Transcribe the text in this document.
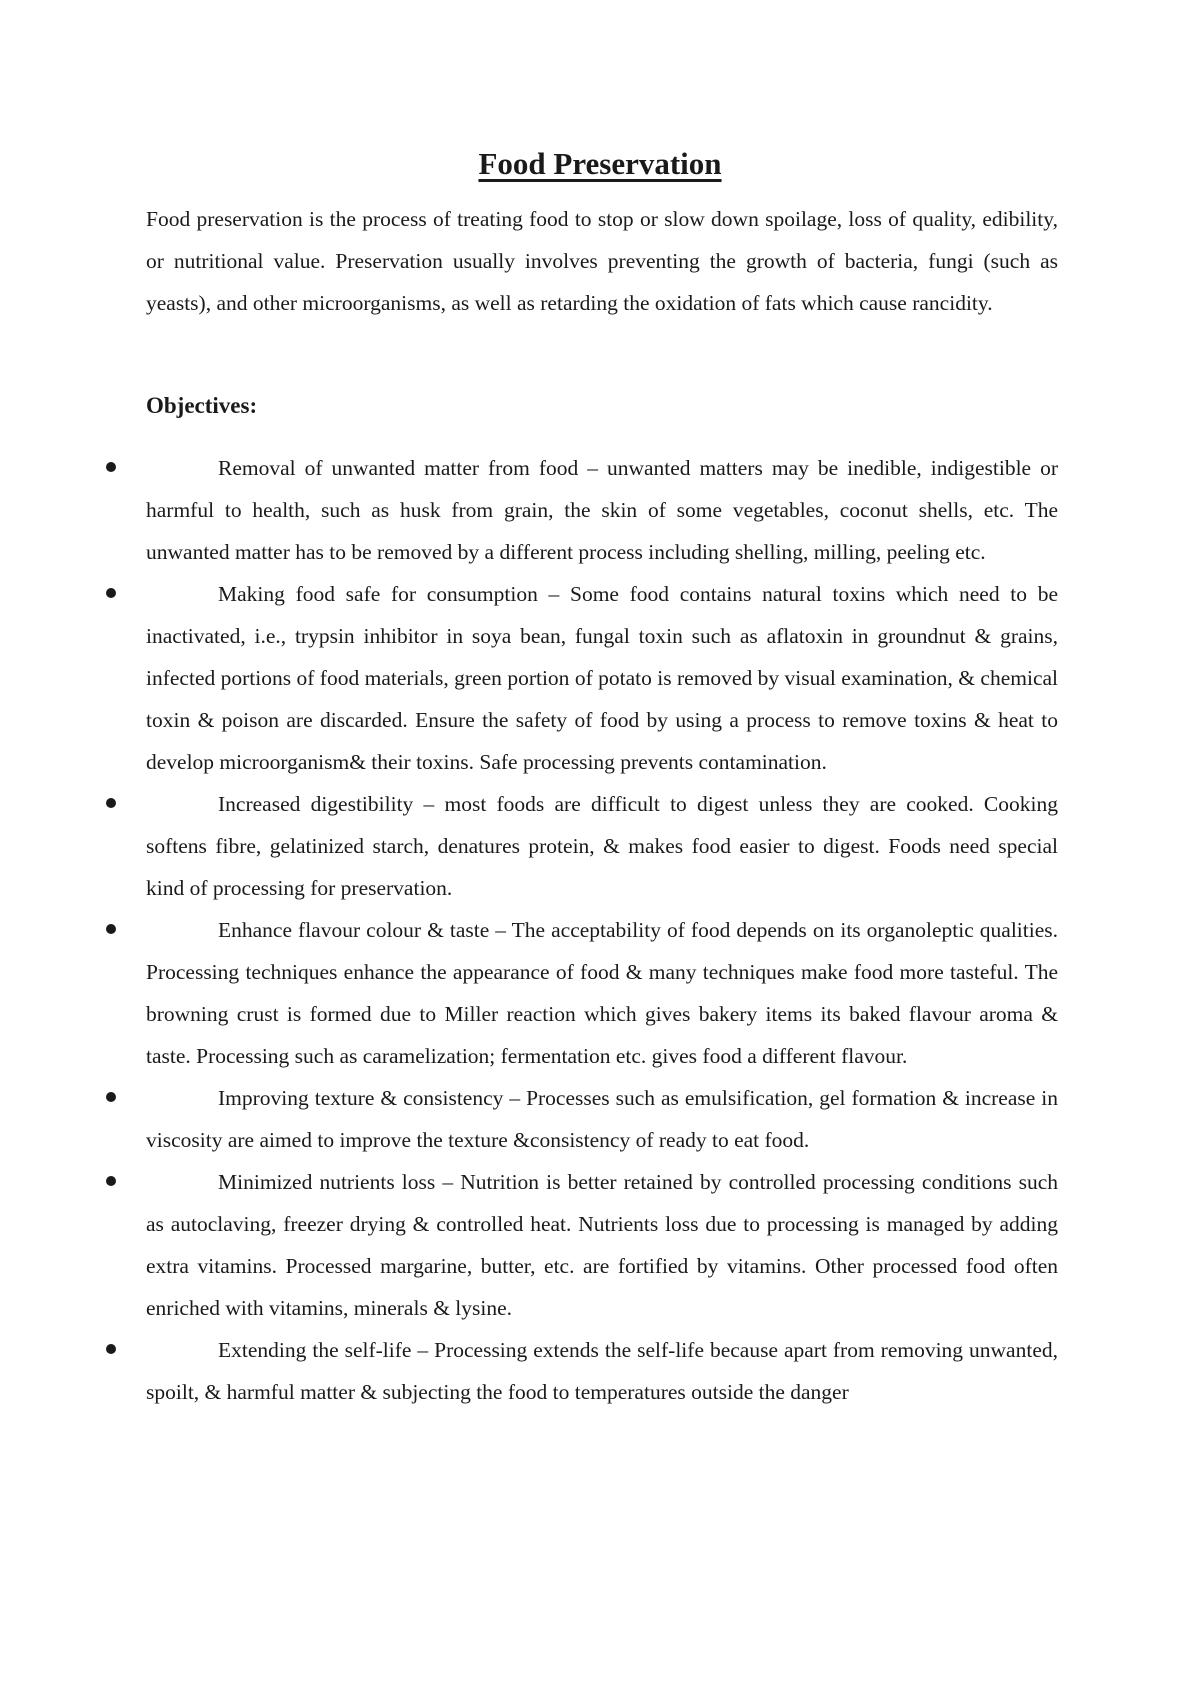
Food Preservation

Food preservation is the process of treating food to stop or slow down spoilage, loss of quality, edibility, or nutritional value. Preservation usually involves preventing the growth of bacteria, fungi (such as yeasts), and other microorganisms, as well as retarding the oxidation of fats which cause rancidity.

Objectives:
Removal of unwanted matter from food – unwanted matters may be inedible, indigestible or harmful to health, such as husk from grain, the skin of some vegetables, coconut shells, etc. The unwanted matter has to be removed by a different process including shelling, milling, peeling etc.
Making food safe for consumption – Some food contains natural toxins which need to be inactivated, i.e., trypsin inhibitor in soya bean, fungal toxin such as aflatoxin in groundnut & grains, infected portions of food materials, green portion of potato is removed by visual examination, & chemical toxin & poison are discarded. Ensure the safety of food by using a process to remove toxins & heat to develop microorganism& their toxins. Safe processing prevents contamination.
Increased digestibility – most foods are difficult to digest unless they are cooked. Cooking softens fibre, gelatinized starch, denatures protein, & makes food easier to digest. Foods need special kind of processing for preservation.
Enhance flavour colour & taste – The acceptability of food depends on its organoleptic qualities. Processing techniques enhance the appearance of food & many techniques make food more tasteful. The browning crust is formed due to Miller reaction which gives bakery items its baked flavour aroma & taste. Processing such as caramelization; fermentation etc. gives food a different flavour.
Improving texture & consistency – Processes such as emulsification, gel formation & increase in viscosity are aimed to improve the texture &consistency of ready to eat food.
Minimized nutrients loss – Nutrition is better retained by controlled processing conditions such as autoclaving, freezer drying & controlled heat. Nutrients loss due to processing is managed by adding extra vitamins. Processed margarine, butter, etc. are fortified by vitamins. Other processed food often enriched with vitamins, minerals & lysine.
Extending the self-life – Processing extends the self-life because apart from removing unwanted, spoilt, & harmful matter & subjecting the food to temperatures outside the danger
